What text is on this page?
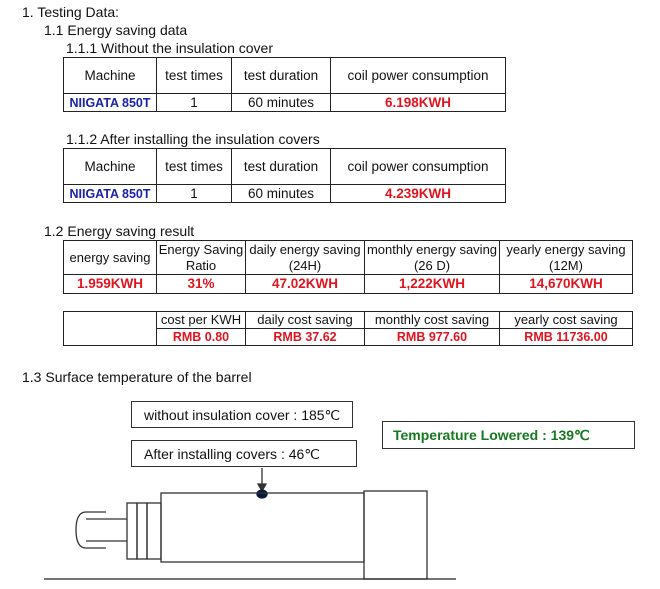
1. Testing Data:
1.1 Energy saving data
1.1.1 Without the insulation cover
Machine	test times	test duration	coil power consumption
NIIGATA 850T	1	60 minutes	6.198KWH
1.1.2 After installing the insulation covers
Machine	test times	test duration	coil power consumption
NIIGATA 850T	1	60 minutes	4.239KWH
1.2 Energy saving result
energy saving	Energy Saving Ratio	daily energy saving (24H)	monthly energy saving (26 D)	yearly energy saving (12M)
1.959KWH	31%	47.02KWH	1,222KWH	14,670KWH
	cost per KWH	daily cost saving	monthly cost saving	yearly cost saving
	RMB 0.80	RMB 37.62	RMB 977.60	RMB 11736.00
1.3 Surface temperature of the barrel
without insulation cover : 185℃
After installing covers : 46℃
Temperature Lowered : 139℃
